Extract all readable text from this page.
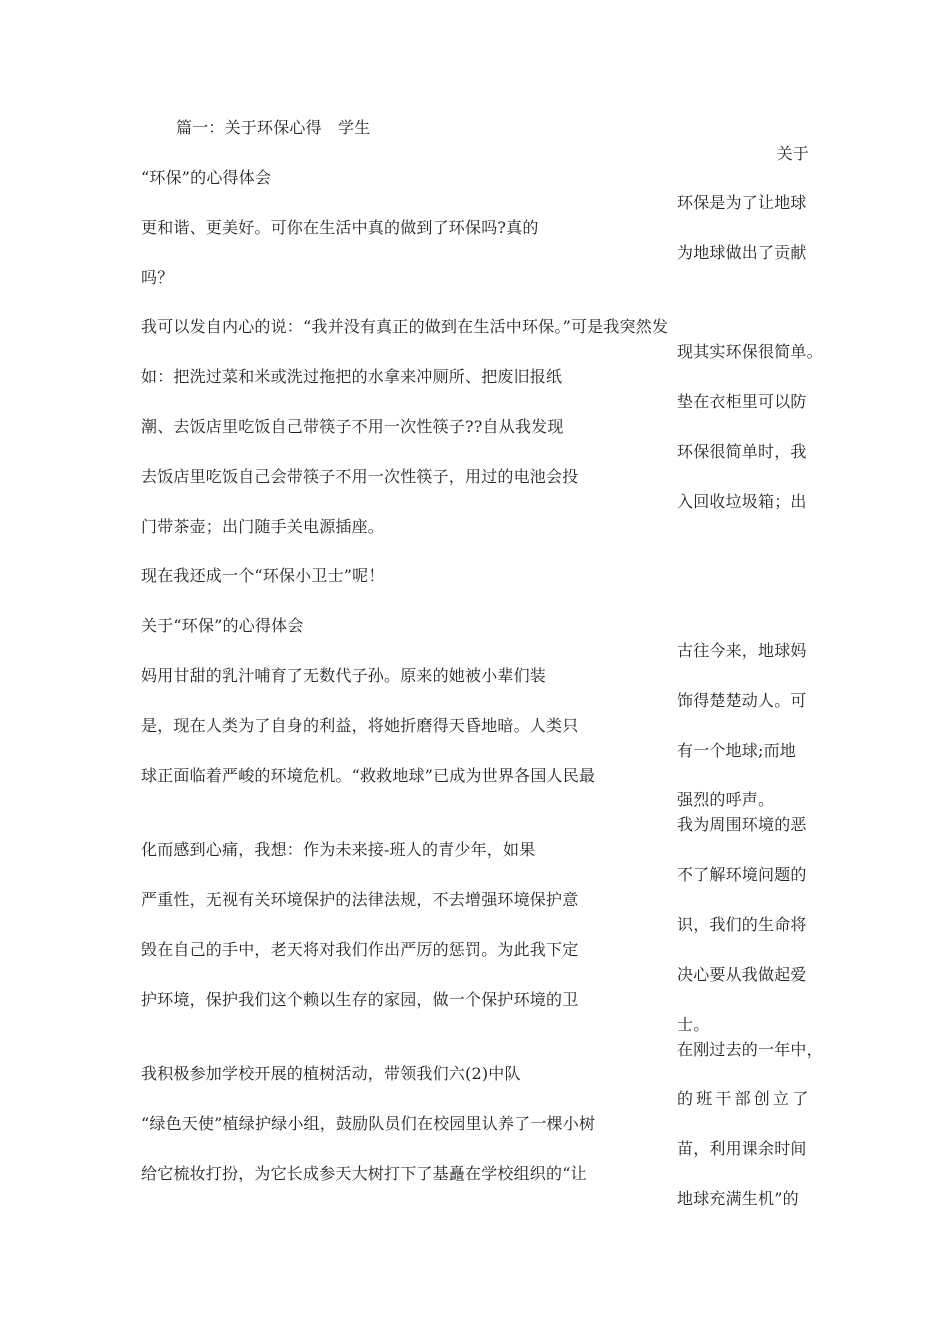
篇一：关于环保心得　学生
关于
“环保”的心得体会
环保是为了让地球
更和谐、更美好。可你在生活中真的做到了环保吗?真的
为地球做出了贡献
吗？
我可以发自内心的说：“我并没有真正的做到在生活中环保。”可是我突然发
现其实环保很简单。
如：把洗过菜和米或洗过拖把的水拿来冲厕所、把废旧报纸
垫在衣柜里可以防
潮、去饭店里吃饭自己带筷子不用一次性筷子??自从我发现
环保很简单时，我
去饭店里吃饭自己会带筷子不用一次性筷子，用过的电池会投
入回收垃圾箱；出
门带茶壶；出门随手关电源插座。
现在我还成一个“环保小卫士”呢！
关于“环保”的心得体会
古往今来，地球妈
妈用甘甜的乳汁哺育了无数代子孙。原来的她被小辈们装
饰得楚楚动人。可
是，现在人类为了自身的利益，将她折磨得天昏地暗。人类只
有一个地球;而地
球正面临着严峻的环境危机。“救救地球”已成为世界各国人民最
强烈的呼声。
我为周围环境的恶
化而感到心痛，我想：作为未来接-班人的青少年，如果
不了解环境问题的
严重性，无视有关环境保护的法律法规，不去增强环境保护意
识，我们的生命将
毁在自己的手中，老天将对我们作出严厉的惩罚。为此我下定
决心要从我做起爱
护环境，保护我们这个赖以生存的家园，做一个保护环境的卫
士。
在刚过去的一年中，
我积极参加学校开展的植树活动，带领我们六(2)中队
的班干部创立了
“绿色天使”植绿护绿小组，鼓励队员们在校园里认养了一棵小树
苗，利用课余时间
给它梳妆打扮，为它长成参天大树打下了基矗在学校组织的“让
地球充满生机”的
